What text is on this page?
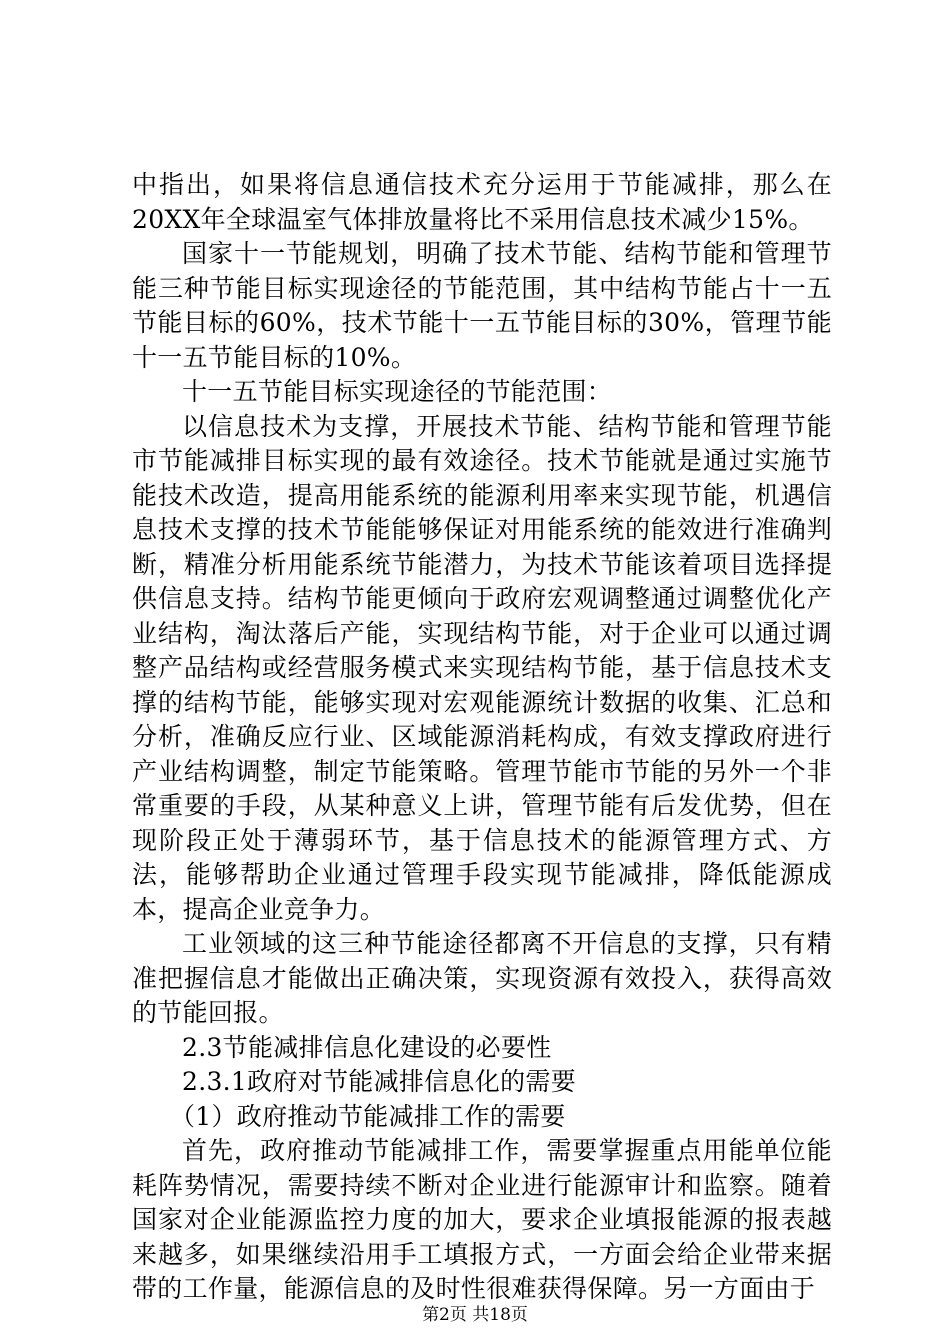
中指出，如果将信息通信技术充分运用于节能减排，那么在20XX年全球温室气体排放量将比不采用信息技术减少15%。

国家十一节能规划，明确了技术节能、结构节能和管理节能三种节能目标实现途径的节能范围，其中结构节能占十一五节能目标的60%，技术节能十一五节能目标的30%，管理节能十一五节能目标的10%。

十一五节能目标实现途径的节能范围：

以信息技术为支撑，开展技术节能、结构节能和管理节能市节能减排目标实现的最有效途径。技术节能就是通过实施节能技术改造，提高用能系统的能源利用率来实现节能，机遇信息技术支撑的技术节能能够保证对用能系统的能效进行准确判断，精准分析用能系统节能潜力，为技术节能该着项目选择提供信息支持。结构节能更倾向于政府宏观调整通过调整优化产业结构，淘汰落后产能，实现结构节能，对于企业可以通过调整产品结构或经营服务模式来实现结构节能，基于信息技术支撑的结构节能，能够实现对宏观能源统计数据的收集、汇总和分析，准确反应行业、区域能源消耗构成，有效支撑政府进行产业结构调整，制定节能策略。管理节能市节能的另外一个非常重要的手段，从某种意义上讲，管理节能有后发优势，但在现阶段正处于薄弱环节，基于信息技术的能源管理方式、方法，能够帮助企业通过管理手段实现节能减排，降低能源成本，提高企业竞争力。

工业领域的这三种节能途径都离不开信息的支撑，只有精准把握信息才能做出正确决策，实现资源有效投入，获得高效的节能回报。

2.3节能减排信息化建设的必要性

2.3.1政府对节能减排信息化的需要

（1）政府推动节能减排工作的需要

首先，政府推动节能减排工作，需要掌握重点用能单位能耗阵势情况，需要持续不断对企业进行能源审计和监察。随着国家对企业能源监控力度的加大，要求企业填报能源的报表越来越多，如果继续沿用手工填报方式，一方面会给企业带来据带的工作量，能源信息的及时性很难获得保障。另一方面由于

第2页 共18页
